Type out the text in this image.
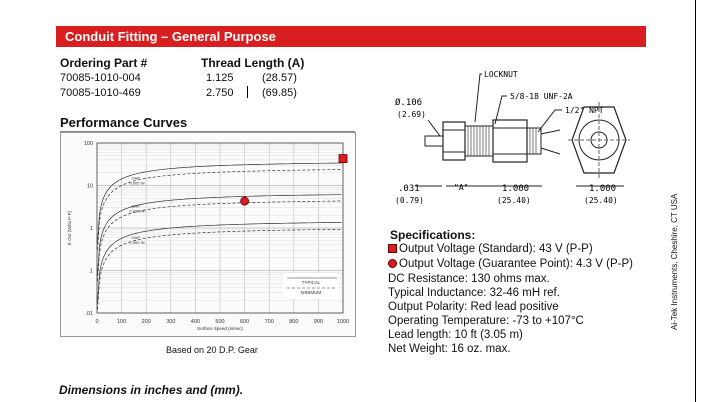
Conduit Fitting – General Purpose
Ordering Part #	Thread Length (A)
70085-1010-004	1.125	(28.57)
70085-1010-469	2.750	(69.85)
Performance Curves
0	100	200	300	400	500	600	700	800	900	1000
100
10
1
.1
.01
Surface Speed (in/sec)
E Out (Volts P-P)
GAP
0.005 IN
GAP
0.030 IN
GAP
0.060 IN
TYPICAL
MINIMUM
Based on 20 D.P. Gear
Dimensions in inches and (mm).
LOCKNUT
5/8-18 UNF-2A
1/2" NPT
Ø.106
(2.69)
.031
(0.79)
"A"	1.000
(25.40)
1.000
(25.40)
Specifications:
Output Voltage (Standard): 43 V (P-P)
Output Voltage (Guarantee Point): 4.3 V (P-P)
DC Resistance: 130 ohms max.
Typical Inductance: 32-46 mH ref.
Output Polarity: Red lead positive
Operating Temperature: -73 to +107°C
Lead length: 10 ft (3.05 m)
Net Weight: 16 oz. max.
Ai-Tek Instruments, Cheshire, CT USA
